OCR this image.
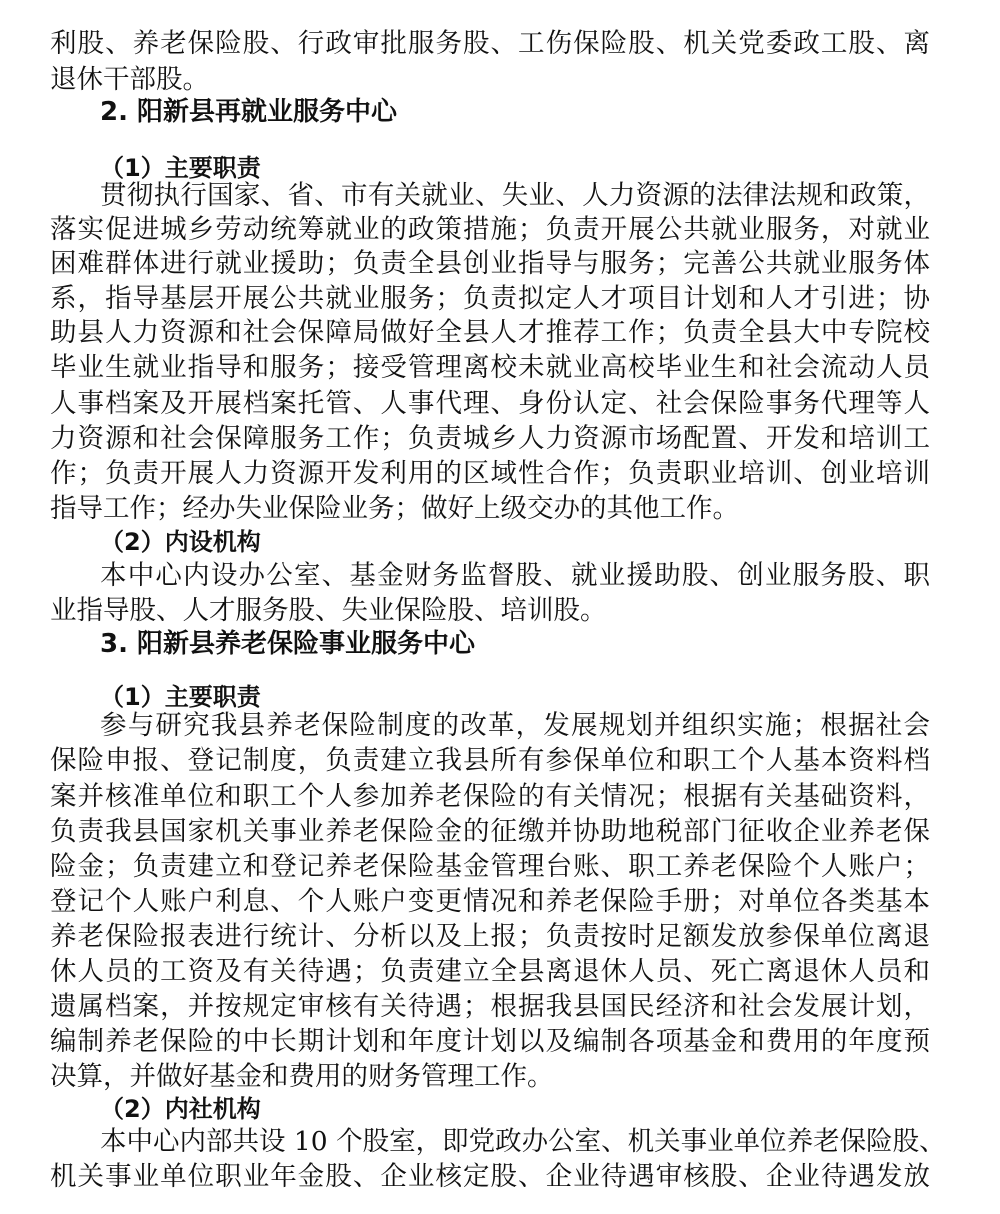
利股、养老保险股、行政审批服务股、工伤保险股、机关党委政工股、离
退休干部股。
2. 阳新县再就业服务中心
（1）主要职责
贯彻执行国家、省、市有关就业、失业、人力资源的法律法规和政策，
落实促进城乡劳动统筹就业的政策措施；负责开展公共就业服务，对就业
困难群体进行就业援助；负责全县创业指导与服务；完善公共就业服务体
系，指导基层开展公共就业服务；负责拟定人才项目计划和人才引进；协
助县人力资源和社会保障局做好全县人才推荐工作；负责全县大中专院校
毕业生就业指导和服务；接受管理离校未就业高校毕业生和社会流动人员
人事档案及开展档案托管、人事代理、身份认定、社会保险事务代理等人
力资源和社会保障服务工作；负责城乡人力资源市场配置、开发和培训工
作；负责开展人力资源开发利用的区域性合作；负责职业培训、创业培训
指导工作；经办失业保险业务；做好上级交办的其他工作。
（2）内设机构
本中心内设办公室、基金财务监督股、就业援助股、创业服务股、职
业指导股、人才服务股、失业保险股、培训股。
3. 阳新县养老保险事业服务中心
（1）主要职责
参与研究我县养老保险制度的改革，发展规划并组织实施；根据社会
保险申报、登记制度，负责建立我县所有参保单位和职工个人基本资料档
案并核准单位和职工个人参加养老保险的有关情况；根据有关基础资料，
负责我县国家机关事业养老保险金的征缴并协助地税部门征收企业养老保
险金；负责建立和登记养老保险基金管理台账、职工养老保险个人账户；
登记个人账户利息、个人账户变更情况和养老保险手册；对单位各类基本
养老保险报表进行统计、分析以及上报；负责按时足额发放参保单位离退
休人员的工资及有关待遇；负责建立全县离退休人员、死亡离退休人员和
遗属档案，并按规定审核有关待遇；根据我县国民经济和社会发展计划，
编制养老保险的中长期计划和年度计划以及编制各项基金和费用的年度预
决算，并做好基金和费用的财务管理工作。
（2）内社机构
本中心内部共设 10 个股室，即党政办公室、机关事业单位养老保险股、
机关事业单位职业年金股、企业核定股、企业待遇审核股、企业待遇发放
